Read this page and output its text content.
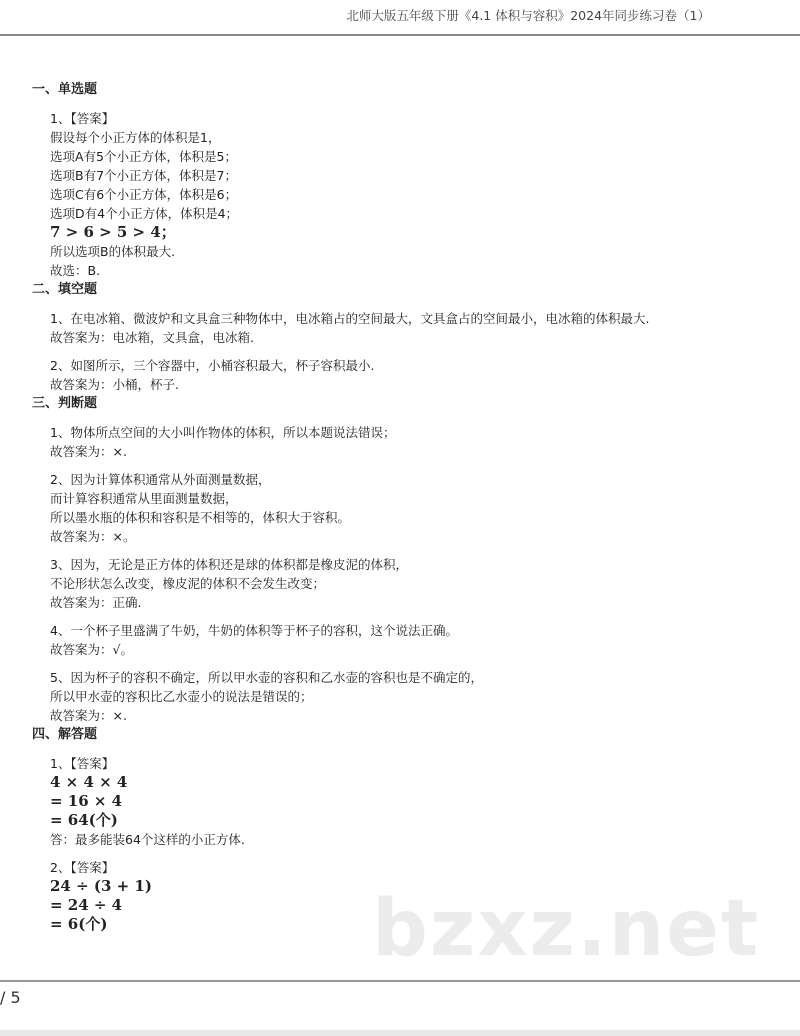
北师大版五年级下册《4.1 体积与容积》2024年同步练习卷（1）
一、单选题

1、【答案】

假设每个小正方体的体积是1，

选项A有5个小正方体，体积是5；

选项B有7个小正方体，体积是7；

选项C有6个小正方体，体积是6；

选项D有4个小正方体，体积是4；

7 > 6 > 5 > 4；

所以选项B的体积最大.

故选：B.

二、填空题

1、在电冰箱、微波炉和文具盒三种物体中，电冰箱占的空间最大，文具盒占的空间最小，电冰箱的体积最大.

故答案为：电冰箱，文具盒，电冰箱.

2、如图所示，三个容器中，小桶容积最大，杯子容积最小.

故答案为：小桶，杯子.

三、判断题

1、物体所点空间的大小叫作物体的体积，所以本题说法错误；

故答案为：×.

2、因为计算体积通常从外面测量数据，

而计算容积通常从里面测量数据，

所以墨水瓶的体积和容积是不相等的，体积大于容积。

故答案为：×。

3、因为，无论是正方体的体积还是球的体积都是橡皮泥的体积，

不论形状怎么改变，橡皮泥的体积不会发生改变；

故答案为：正确.

4、一个杯子里盛满了牛奶，牛奶的体积等于杯子的容积，这个说法正确。

故答案为：√。

5、因为杯子的容积不确定，所以甲水壶的容积和乙水壶的容积也是不确定的，

所以甲水壶的容积比乙水壶小的说法是错误的；

故答案为：×.

四、解答题

1、【答案】

4 × 4 × 4

= 16 × 4

= 64(个)

答：最多能装64个这样的小正方体.

2、【答案】

24 ÷ (3 + 1)

= 24 ÷ 4

= 6(个)	bzxz.net
/ 5
